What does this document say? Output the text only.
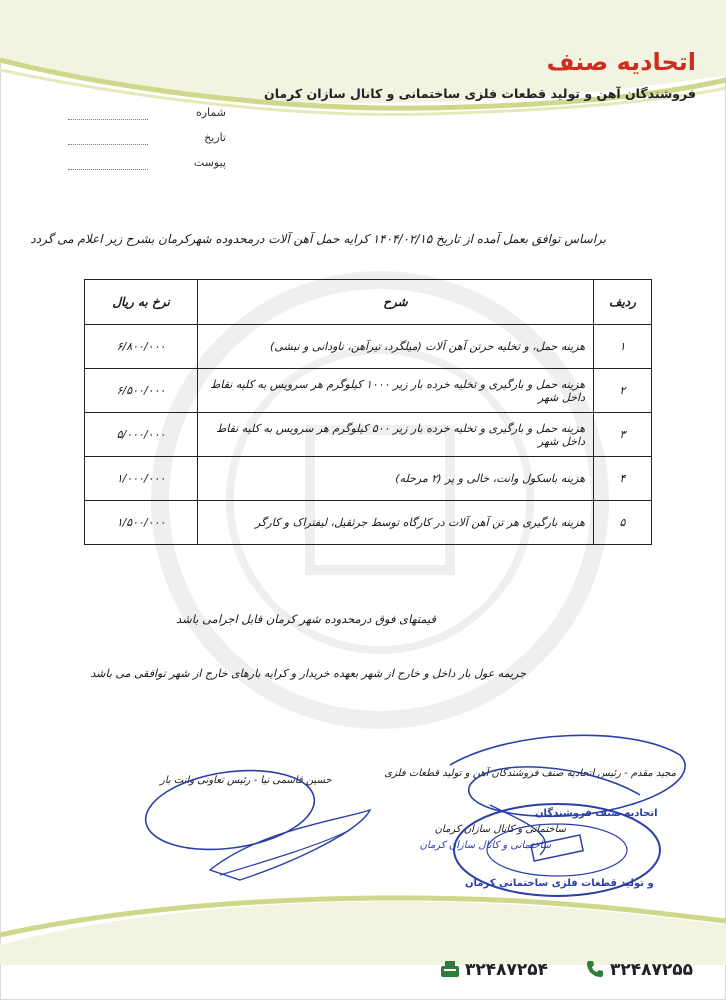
اتحادیه صنف
فروشندگان آهن و تولید قطعات فلزی ساختمانی و کانال سازان کرمان
شماره
تاریخ
پیوست
براساس توافق بعمل آمده از تاریخ ۱۴۰۴/۰۲/۱۵ کرایه حمل آهن آلات درمحدوده شهرکرمان بشرح زیر اعلام می گردد
ردیف	شرح	نرخ به ریال
۱	هزینه حمل، و تخلیه حرتن آهن آلات (میلگرد، تیرآهن، ناودانی و نبشی)	۶/۸۰۰/۰۰۰
۲	هزینه حمل و بارگیری و تخلیه خرده بار زیر ۱۰۰۰ کیلوگرم هر سرویس به کلیه نقاط داخل شهر	۶/۵۰۰/۰۰۰
۳	هزینه حمل و بارگیری و تخلیه خرده بار زیر ۵۰۰ کیلوگرم هر سرویس به کلیه نقاط داخل شهر	۵/۰۰۰/۰۰۰
۴	هزینه باسکول وانت، خالی و پر (۲ مرحله)	۱/۰۰۰/۰۰۰
۵	هزینه بارگیری هر تن آهن آلات در کارگاه توسط جرثقیل، لیفتراک و کارگر	۱/۵۰۰/۰۰۰
قیمتهای فوق درمحدوده شهر کرمان قابل اجرامی باشد
جریمه عول بار داخل و خارج از شهر بعهده خریدار و کرایه بارهای خارج از شهر توافقی می باشد
مجید مقدم - رئیس اتحادیه صنف فروشندگان آهن و تولید قطعات فلزی
ساختمانی و کانال سازان کرمان
حسین قاسمی نیا - رئیس تعاونی وانت بار
اتحادیه صنف فروشندگان
و تولید قطعات فلزی ساختمانی کرمان
ساختمانی و کانال سازان کرمان
۳۲۴۸۷۲۵۴	۳۲۴۸۷۲۵۵
